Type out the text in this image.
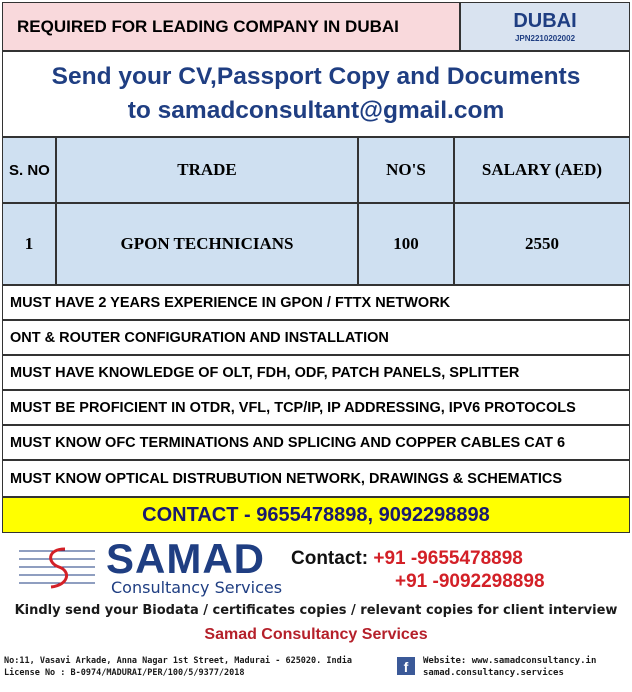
REQUIRED FOR LEADING COMPANY IN DUBAI	DUBAI
JPN2210202002
Send your CV,Passport Copy and Documents
to samadconsultant@gmail.com
S. NO	TRADE	NO'S	SALARY (AED)
1	GPON TECHNICIANS	100	2550
MUST HAVE 2 YEARS EXPERIENCE IN GPON / FTTX NETWORK
ONT & ROUTER CONFIGURATION AND INSTALLATION
MUST HAVE KNOWLEDGE OF OLT, FDH, ODF, PATCH PANELS, SPLITTER
MUST BE PROFICIENT IN OTDR, VFL, TCP/IP, IP ADDRESSING, IPV6 PROTOCOLS
MUST KNOW OFC TERMINATIONS AND SPLICING AND COPPER CABLES CAT 6
MUST KNOW OPTICAL DISTRUBUTION NETWORK, DRAWINGS & SCHEMATICS
CONTACT - 9655478898, 9092298898
SAMAD
Consultancy Services
Contact: +91 -9655478898
+91 -9092298898
Kindly send your Biodata / certificates copies / relevant copies for client interview
Samad Consultancy Services
No:11, Vasavi Arkade, Anna Nagar 1st Street, Madurai - 625020. India
License No : B-0974/MADURAI/PER/100/5/9377/2018	f	Website: www.samadconsultancy.in
samad.consultancy.services
